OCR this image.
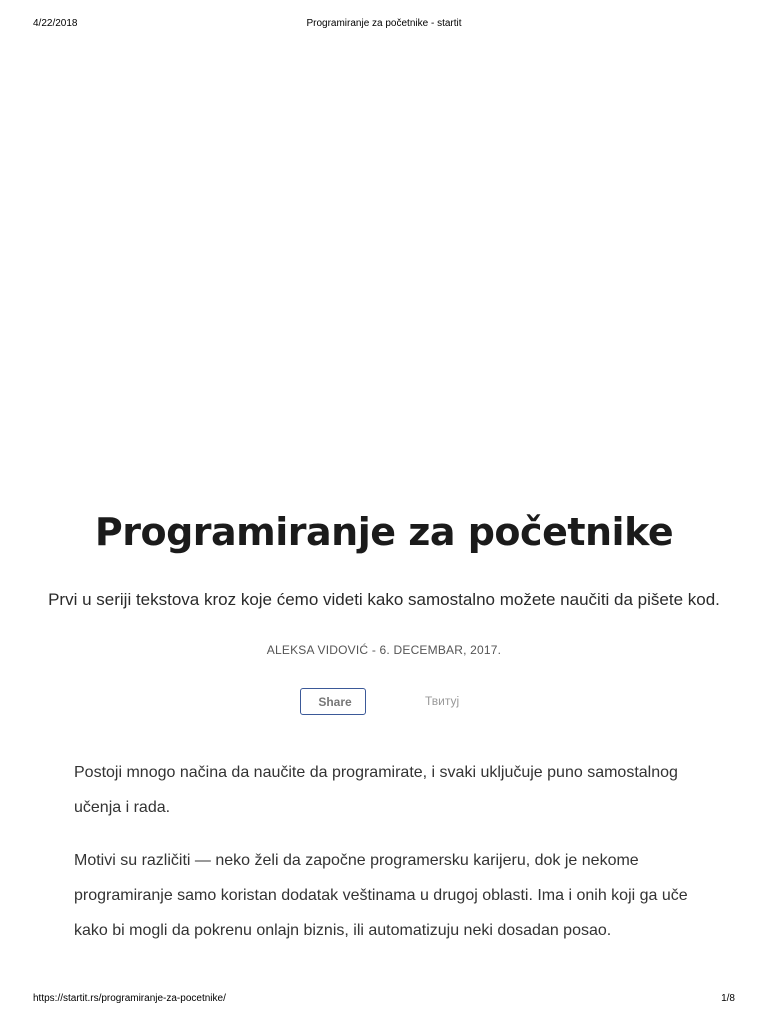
4/22/2018	Programiranje za početnike - startit
Programiranje za početnike

Prvi u seriji tekstova kroz koje ćemo videti kako samostalno možete naučiti da pišete kod.

ALEKSA VIDOVIĆ - 6. DECEMBAR, 2017.
Share	Твитуј

Postoji mnogo načina da naučite da programirate, i svaki uključuje puno samostalnog učenja i rada.

Motivi su različiti — neko želi da započne programersku karijeru, dok je nekome programiranje samo koristan dodatak veštinama u drugoj oblasti. Ima i onih koji ga uče kako bi mogli da pokrenu onlajn biznis, ili automatizuju neki dosadan posao.

https://startit.rs/programiranje-za-pocetnike/	1/8
